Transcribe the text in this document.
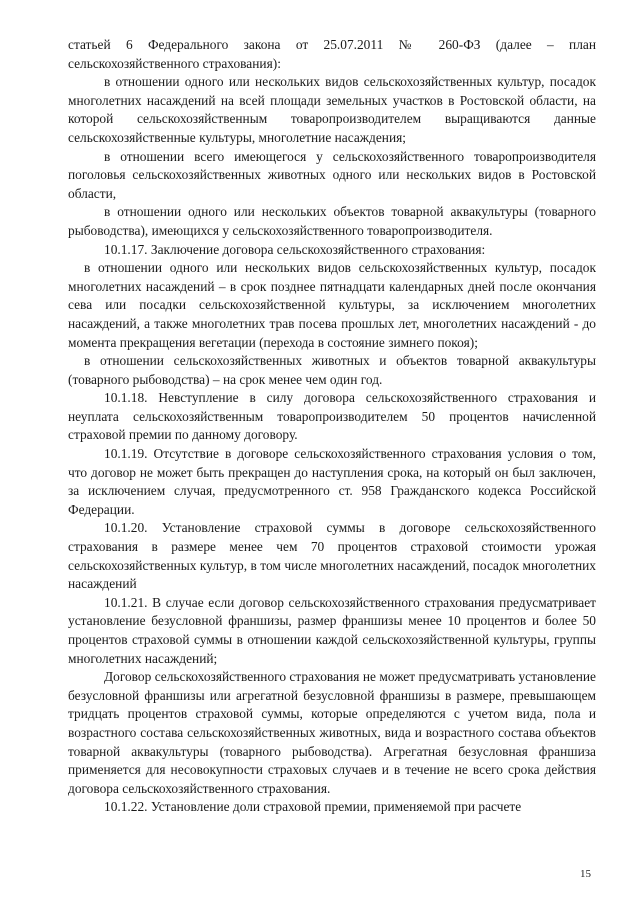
статьей 6 Федерального закона от 25.07.2011 № 260-ФЗ (далее – план сельскохозяйственного страхования):

в отношении одного или нескольких видов сельскохозяйственных культур, посадок многолетних насаждений на всей площади земельных участков в Ростовской области, на которой сельскохозяйственным товаропроизводителем выращиваются данные сельскохозяйственные культуры, многолетние насаждения;

в отношении всего имеющегося у сельскохозяйственного товаропроизводителя поголовья сельскохозяйственных животных одного или нескольких видов в Ростовской области,

в отношении одного или нескольких объектов товарной аквакультуры (товарного рыбоводства), имеющихся у сельскохозяйственного товаропроизводителя.

10.1.17. Заключение договора сельскохозяйственного страхования:

в отношении одного или нескольких видов сельскохозяйственных культур, посадок многолетних насаждений – в срок позднее пятнадцати календарных дней после окончания сева или посадки сельскохозяйственной культуры, за исключением многолетних насаждений, а также многолетних трав посева прошлых лет, многолетних насаждений - до момента прекращения вегетации (перехода в состояние зимнего покоя);

в отношении сельскохозяйственных животных и объектов товарной аквакультуры (товарного рыбоводства) – на срок менее чем один год.

10.1.18. Невступление в силу договора сельскохозяйственного страхования и неуплата сельскохозяйственным товаропроизводителем 50 процентов начисленной страховой премии по данному договору.

10.1.19. Отсутствие в договоре сельскохозяйственного страхования условия о том, что договор не может быть прекращен до наступления срока, на который он был заключен, за исключением случая, предусмотренного ст. 958 Гражданского кодекса Российской Федерации.

10.1.20. Установление страховой суммы в договоре сельскохозяйственного страхования в размере менее чем 70 процентов страховой стоимости урожая сельскохозяйственных культур, в том числе многолетних насаждений, посадок многолетних насаждений

10.1.21. В случае если договор сельскохозяйственного страхования предусматривает установление безусловной франшизы, размер франшизы менее 10 процентов и более 50 процентов страховой суммы в отношении каждой сельскохозяйственной культуры, группы многолетних насаждений;

Договор сельскохозяйственного страхования не может предусматривать установление безусловной франшизы или агрегатной безусловной франшизы в размере, превышающем тридцать процентов страховой суммы, которые определяются с учетом вида, пола и возрастного состава сельскохозяйственных животных, вида и возрастного состава объектов товарной аквакультуры (товарного рыбоводства). Агрегатная безусловная франшиза применяется для несовокупности страховых случаев и в течение не всего срока действия договора сельскохозяйственного страхования.

10.1.22. Установление доли страховой премии, применяемой при расчете

15
